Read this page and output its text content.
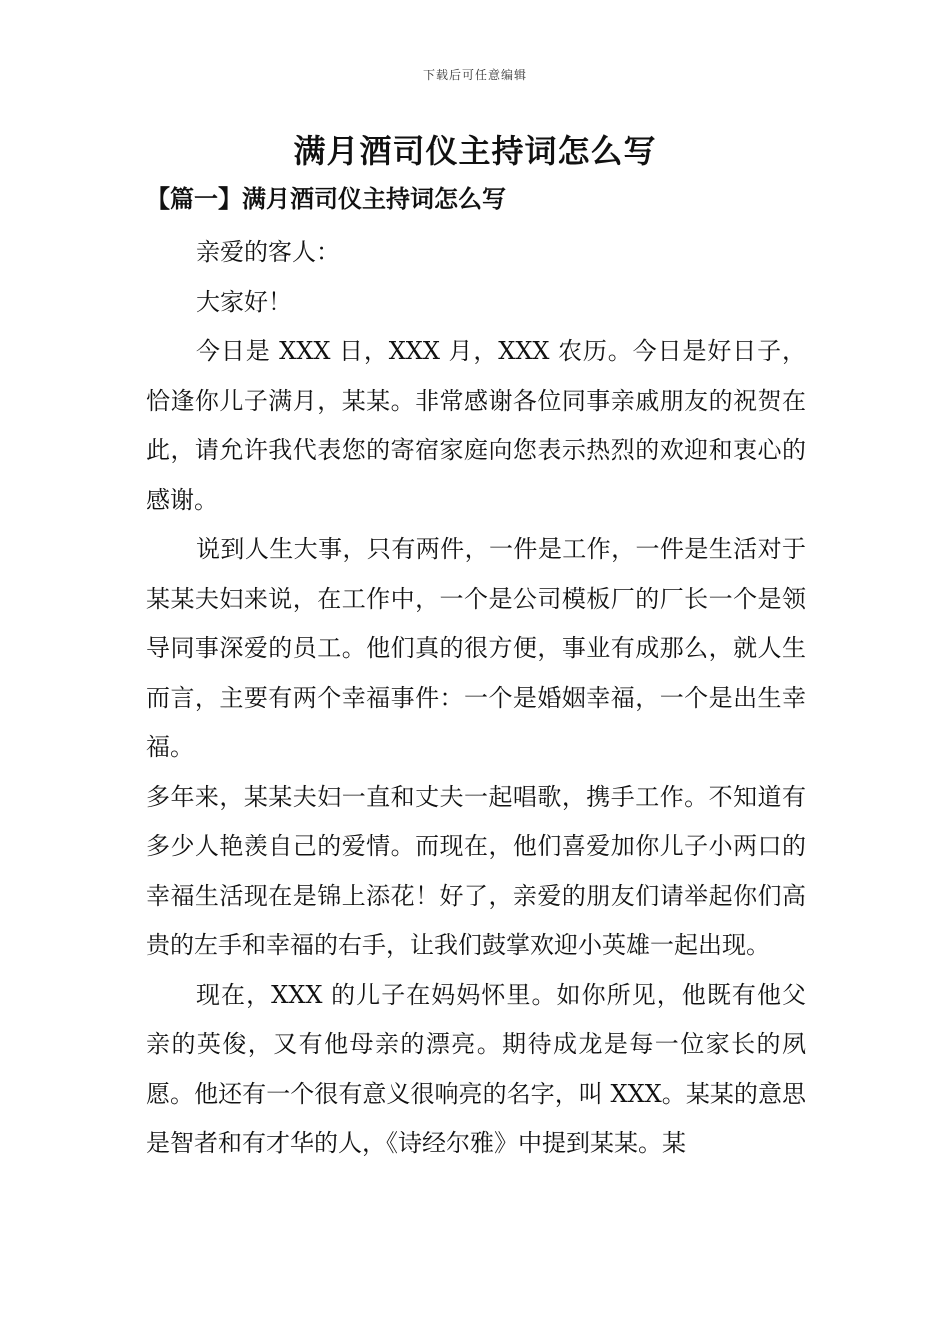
下载后可任意编辑
满月酒司仪主持词怎么写
【篇一】满月酒司仪主持词怎么写

亲爱的客人：

大家好！

今日是 XXX 日，XXX 月，XXX 农历。今日是好日子，恰逢你儿子满月，某某。非常感谢各位同事亲戚朋友的祝贺在此，请允许我代表您的寄宿家庭向您表示热烈的欢迎和衷心的感谢。

说到人生大事，只有两件，一件是工作，一件是生活对于某某夫妇来说，在工作中，一个是公司模板厂的厂长一个是领导同事深爱的员工。他们真的很方便，事业有成那么，就人生而言，主要有两个幸福事件：一个是婚姻幸福，一个是出生幸福。

多年来，某某夫妇一直和丈夫一起唱歌，携手工作。不知道有多少人艳羡自己的爱情。而现在，他们喜爱加你儿子小两口的幸福生活现在是锦上添花！好了，亲爱的朋友们请举起你们高贵的左手和幸福的右手，让我们鼓掌欢迎小英雄一起出现。

现在，XXX 的儿子在妈妈怀里。如你所见，他既有他父亲的英俊，又有他母亲的漂亮。期待成龙是每一位家长的夙愿。他还有一个很有意义很响亮的名字，叫 XXX。某某的意思是智者和有才华的人，《诗经尔雅》中提到某某。某
